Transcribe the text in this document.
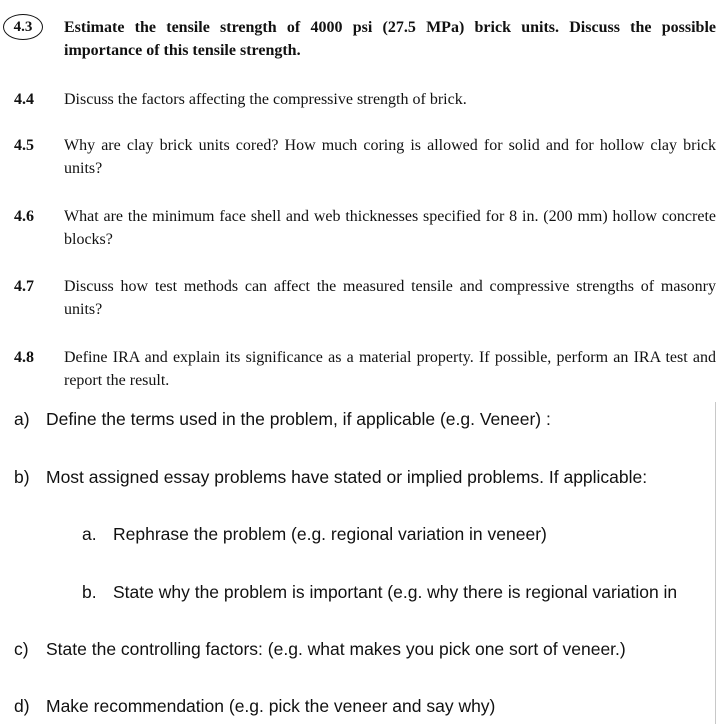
4.3	Estimate the tensile strength of 4000 psi (27.5 MPa) brick units. Discuss the possible importance of this tensile strength.
4.4 Discuss the factors affecting the compressive strength of brick.
4.5 Why are clay brick units cored? How much coring is allowed for solid and for hollow clay brick units?
4.6 What are the minimum face shell and web thicknesses specified for 8 in. (200 mm) hollow concrete blocks?
4.7 Discuss how test methods can affect the measured tensile and compressive strengths of masonry units?
4.8 Define IRA and explain its significance as a material property. If possible, perform an IRA test and report the result.
a) Define the terms used in the problem, if applicable (e.g. Veneer) :
b) Most assigned essay problems have stated or implied problems. If applicable:
a. Rephrase the problem (e.g. regional variation in veneer)
b. State why the problem is important (e.g. why there is regional variation in
c) State the controlling factors: (e.g. what makes you pick one sort of veneer.)
d) Make recommendation (e.g. pick the veneer and say why)
